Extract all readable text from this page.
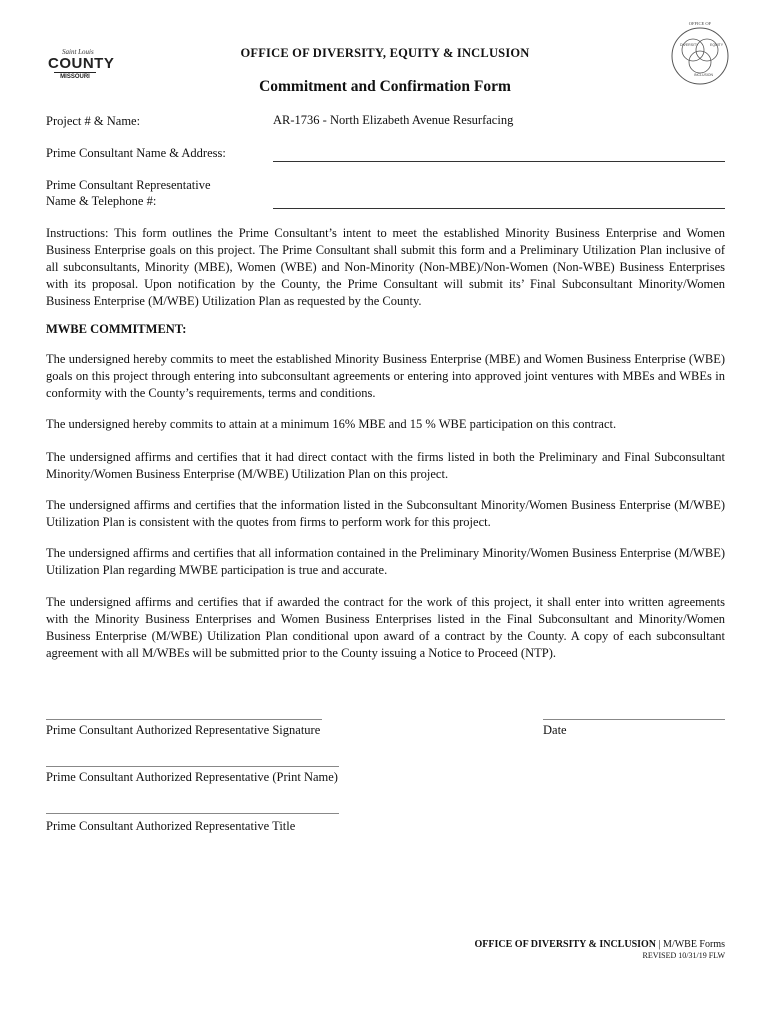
Saint Louis
COUNTY
MISSOURI
OFFICE OF
DIVERSITY	EQUITY
INCLUSION
OFFICE OF DIVERSITY, EQUITY & INCLUSION
Commitment and Confirmation Form
Project # & Name:	AR-1736 - North Elizabeth Avenue Resurfacing
Prime Consultant Name & Address:
Prime Consultant Representative
Name & Telephone #:
Instructions: This form outlines the Prime Consultant’s intent to meet the established Minority Business Enterprise and Women Business Enterprise goals on this project. The Prime Consultant shall submit this form and a Preliminary Utilization Plan inclusive of all subconsultants, Minority (MBE), Women (WBE) and Non-Minority (Non-MBE)/Non-Women (Non-WBE) Business Enterprises with its proposal. Upon notification by the County, the Prime Consultant will submit its’ Final Subconsultant Minority/Women Business Enterprise (M/WBE) Utilization Plan as requested by the County.
MWBE COMMITMENT:
The undersigned hereby commits to meet the established Minority Business Enterprise (MBE) and Women Business Enterprise (WBE) goals on this project through entering into subconsultant agreements or entering into approved joint ventures with MBEs and WBEs in conformity with the County’s requirements, terms and conditions.
The undersigned hereby commits to attain at a minimum 16% MBE and 15 % WBE participation on this contract.
The undersigned affirms and certifies that it had direct contact with the firms listed in both the Preliminary and Final Subconsultant Minority/Women Business Enterprise (M/WBE) Utilization Plan on this project.
The undersigned affirms and certifies that the information listed in the Subconsultant Minority/Women Business Enterprise (M/WBE) Utilization Plan is consistent with the quotes from firms to perform work for this project.
The undersigned affirms and certifies that all information contained in the Preliminary Minority/Women Business Enterprise (M/WBE) Utilization Plan regarding MWBE participation is true and accurate.
The undersigned affirms and certifies that if awarded the contract for the work of this project, it shall enter into written agreements with the Minority Business Enterprises and Women Business Enterprises listed in the Final Subconsultant and Minority/Women Business Enterprise (M/WBE) Utilization Plan conditional upon award of a contract by the County. A copy of each subconsultant agreement with all M/WBEs will be submitted prior to the County issuing a Notice to Proceed (NTP).
Prime Consultant Authorized Representative Signature	Date
Prime Consultant Authorized Representative (Print Name)
Prime Consultant Authorized Representative Title
OFFICE OF DIVERSITY & INCLUSION | M/WBE Forms
REVISED 10/31/19 FLW
